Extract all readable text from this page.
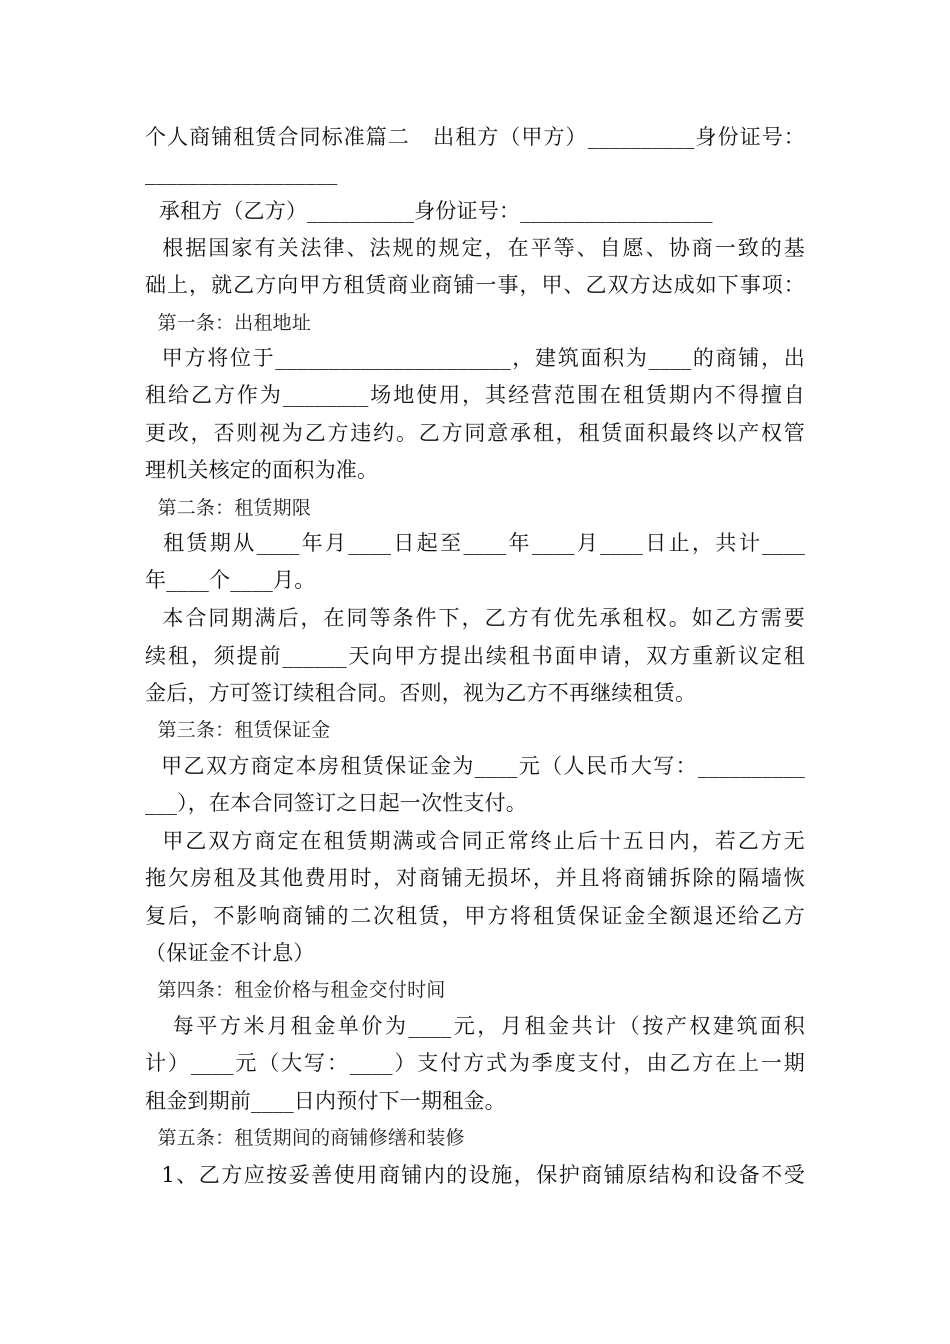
个人商铺租赁合同标准篇二   出租方（甲方）__________身份证号：
__________________
承租方（乙方）__________身份证号：__________________
根据国家有关法律、法规的规定，在平等、自愿、协商一致的基
础上，就乙方向甲方租赁商业商铺一事，甲、乙双方达成如下事项：
第一条：出租地址
甲方将位于______________________，建筑面积为____的商铺，出
租给乙方作为________场地使用，其经营范围在租赁期内不得擅自
更改，否则视为乙方违约。乙方同意承租，租赁面积最终以产权管
理机关核定的面积为准。
第二条：租赁期限
租赁期从____年月____日起至____年____月____日止，共计____
年____个____月。
本合同期满后，在同等条件下，乙方有优先承租权。如乙方需要
续租，须提前______天向甲方提出续租书面申请，双方重新议定租
金后，方可签订续租合同。否则，视为乙方不再继续租赁。
第三条：租赁保证金
甲乙双方商定本房租赁保证金为____元（人民币大写：__________
___），在本合同签订之日起一次性支付。
甲乙双方商定在租赁期满或合同正常终止后十五日内，若乙方无
拖欠房租及其他费用时，对商铺无损坏，并且将商铺拆除的隔墙恢
复后，不影响商铺的二次租赁，甲方将租赁保证金全额退还给乙方
（保证金不计息）
第四条：租金价格与租金交付时间
每平方米月租金单价为____元，月租金共计（按产权建筑面积
计）____元（大写：____）支付方式为季度支付，由乙方在上一期
租金到期前____日内预付下一期租金。
第五条：租赁期间的商铺修缮和装修
1、乙方应按妥善使用商铺内的设施，保护商铺原结构和设备不受
